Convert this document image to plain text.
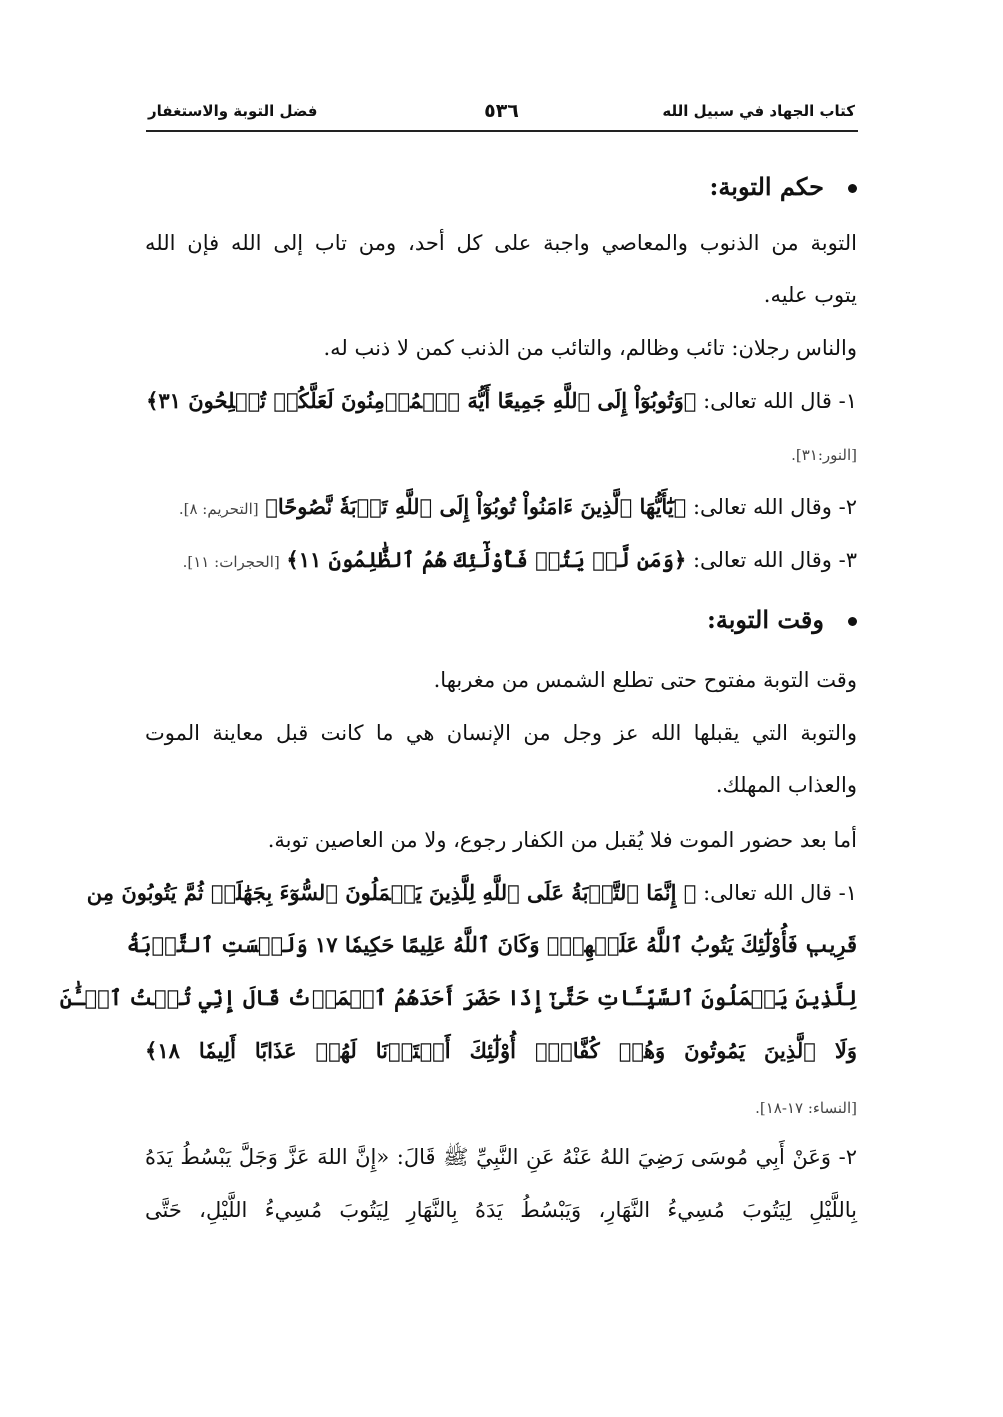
كتاب الجهاد في سبيل الله
٥٣٦
فضل التوبة والاستغفار
حكم التوبة:
التوبة من الذنوب والمعاصي واجبة على كل أحد، ومن تاب إلى الله فإن الله
يتوب عليه.
والناس رجلان: تائب وظالم، والتائب من الذنب كمن لا ذنب له.
١- قال الله تعالى: ﴿وَتُوبُوٓاْ إِلَى ٱللَّهِ جَمِيعًا أَيُّهَ ٱلۡمُؤۡمِنُونَ لَعَلَّكُمۡ تُفۡلِحُونَ ٣١﴾
[النور:٣١].
٢- وقال الله تعالى: ﴿يَٰٓأَيُّهَا ٱلَّذِينَ ءَامَنُواْ تُوبُوٓاْ إِلَى ٱللَّهِ تَوۡبَةٗ نَّصُوحًا﴾ [التحريم: ٨].
٣- وقال الله تعالى: ﴿وَمَن لَّمۡ يَتُبۡ فَأُوْلَٰٓئِكَ هُمُ ٱلظَّٰلِمُونَ ١١﴾ [الحجرات: ١١].
وقت التوبة:
وقت التوبة مفتوح حتى تطلع الشمس من مغربها.
والتوبة التي يقبلها الله عز وجل من الإنسان هي ما كانت قبل معاينة الموت
والعذاب المهلك.
أما بعد حضور الموت فلا يُقبل من الكفار رجوع، ولا من العاصين توبة.
١- قال الله تعالى: ﴿ إِنَّمَا ٱلتَّوۡبَةُ عَلَى ٱللَّهِ لِلَّذِينَ يَعۡمَلُونَ ٱلسُّوٓءَ بِجَهَٰلَةٖ ثُمَّ يَتُوبُونَ مِن
قَرِيبٖ فَأُوْلَٰٓئِكَ يَتُوبُ ٱللَّهُ عَلَيۡهِمۡۗ وَكَانَ ٱللَّهُ عَلِيمًا حَكِيمٗا ١٧ وَلَيۡسَتِ ٱلتَّوۡبَةُ
لِلَّذِينَ يَعۡمَلُونَ ٱلسَّيِّـَٔاتِ حَتَّىٰٓ إِذَا حَضَرَ أَحَدَهُمُ ٱلۡمَوۡتُ قَالَ إِنِّي تُبۡتُ ٱلۡـَٰٔنَ
وَلَا ٱلَّذِينَ يَمُوتُونَ وَهُمۡ كُفَّارٌۚ أُوْلَٰٓئِكَ أَعۡتَدۡنَا لَهُمۡ عَذَابًا أَلِيمٗا ١٨﴾
[النساء: ١٧-١٨].
٢- وَعَنْ أَبِي مُوسَى رَضِيَ اللهُ عَنْهُ عَنِ النَّبِيِّ ﷺ قَالَ: «إِنَّ اللهَ عَزَّ وَجَلَّ يَبْسُطُ يَدَهُ
بِاللَّيْلِ لِيَتُوبَ مُسِيءُ النَّهَارِ، وَيَبْسُطُ يَدَهُ بِالنَّهَارِ لِيَتُوبَ مُسِيءُ اللَّيْلِ، حَتَّى
